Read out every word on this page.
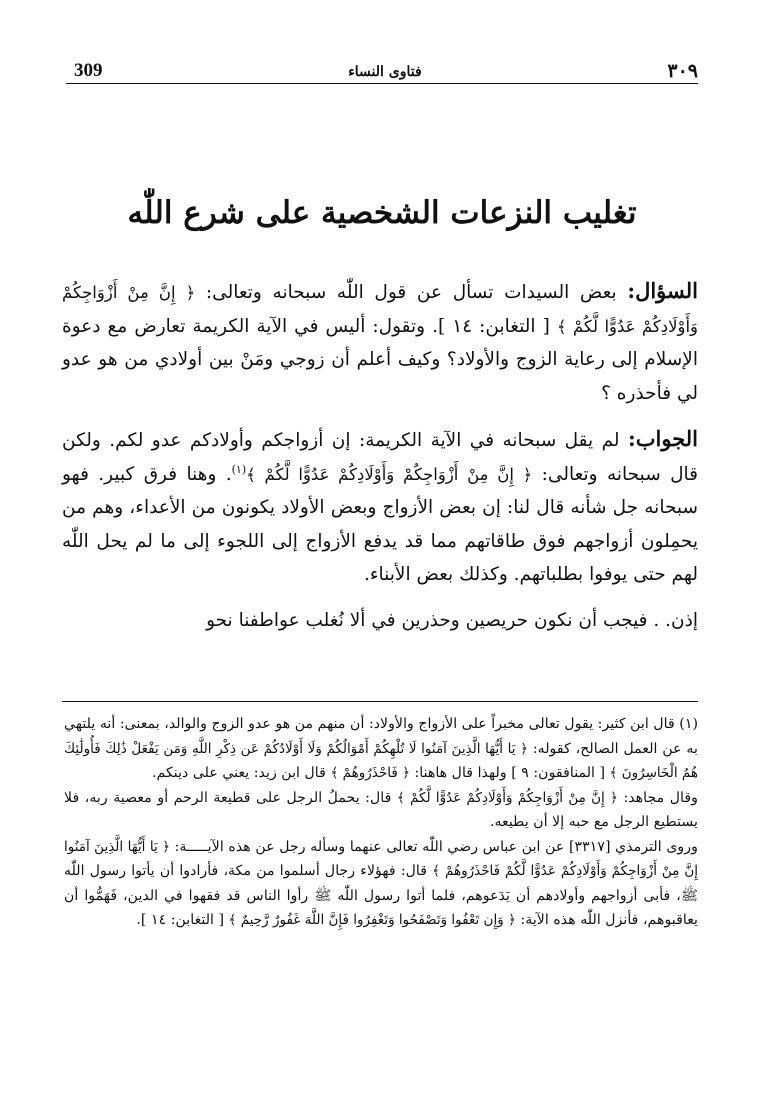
309	فتاوى النساء	٣٠٩
تغليب النزعات الشخصية على شرع اللّٰه

السؤال: بعض السيدات تسأل عن قول اللّٰه سبحانه وتعالى: ﴿ إِنَّ مِنْ أَزْوَاجِكُمْ وَأَوْلَادِكُمْ عَدُوًّا لَّكُمْ ﴾ [ التغابن: ١٤ ]. وتقول: أليس في الآية الكريمة تعارض مع دعوة الإسلام إلى رعاية الزوج والأولاد؟ وكيف أعلم أن زوجي ومَنْ بين أولادي من هو عدو لي فأحذره ؟

الجواب: لم يقل سبحانه في الآية الكريمة: إن أزواجكم وأولادكم عدو لكم. ولكن قال سبحانه وتعالى: ﴿ إِنَّ مِنْ أَزْوَاجِكُمْ وَأَوْلَادِكُمْ عَدُوًّا لَّكُمْ ﴾$^{(١)}$. وهنا فرق كبير. فهو سبحانه جل شأنه قال لنا: إن بعض الأزواج وبعض الأولاد يكونون من الأعداء، وهم من يحمِلون أزواجهم فوق طاقاتهم مما قد يدفع الأزواج إلى اللجوء إلى ما لم يحل اللّٰه لهم حتى يوفوا بطلباتهم. وكذلك بعض الأبناء.

إذن. . فيجب أن نكون حريصين وحذرين في ألا نُغلب عواطفنا نحو

(١) قال ابن كثير: يقول تعالى مخبراً على الأزواج والأولاد: أن منهم من هو عدو الزوج والوالد، بمعنى: أنه يلتهي به عن العمل الصالح، كقوله: ﴿ يَا أَيُّهَا الَّذِينَ آمَنُوا لَا تُلْهِكُمْ أَمْوَالُكُمْ وَلَا أَوْلَادُكُمْ عَن ذِكْرِ اللَّهِ وَمَن يَفْعَلْ ذَٰلِكَ فَأُولَٰئِكَ هُمُ الْخَاسِرُونَ ﴾ [ المنافقون: ٩ ] ولهذا قال هاهنا: ﴿ فَاحْذَرُوهُمْ ﴾ قال ابن زيد: يعني على دينكم.

وقال مجاهد: ﴿ إِنَّ مِنْ أَزْوَاجِكُمْ وَأَوْلَادِكُمْ عَدُوًّا لَّكُمْ ﴾ قال: يحملُ الرجل على قطيعة الرحم أو معصية ربه، فلا يستطيع الرجل مع حبه إلا أن يطيعه.

وروى الترمذي [٣٣١٧] عن ابن عباس رضي اللّٰه تعالى عنهما وسأله رجل عن هذه الآيـــــة: ﴿ يَا أَيُّهَا الَّذِينَ آمَنُوا إِنَّ مِنْ أَزْوَاجِكُمْ وَأَوْلَادِكُمْ عَدُوًّا لَّكُمْ فَاحْذَرُوهُمْ ﴾ قال: فهؤلاء رجال أسلموا من مكة، فأرادوا أن يأتوا رسول اللّٰه ﷺ، فأبى أزواجهم وأولادهم أن يَدَعوهم، فلما أتوا رسول اللّٰه ﷺ رأوا الناس قد فقهوا في الدين، فَهَمُّوا أن يعاقبوهم، فأنزل اللّٰه هذه الآية: ﴿ وَإِن تَعْفُوا وَتَصْفَحُوا وَتَغْفِرُوا فَإِنَّ اللَّهَ غَفُورٌ رَّحِيمٌ ﴾ [ التغابن: ١٤ ].
